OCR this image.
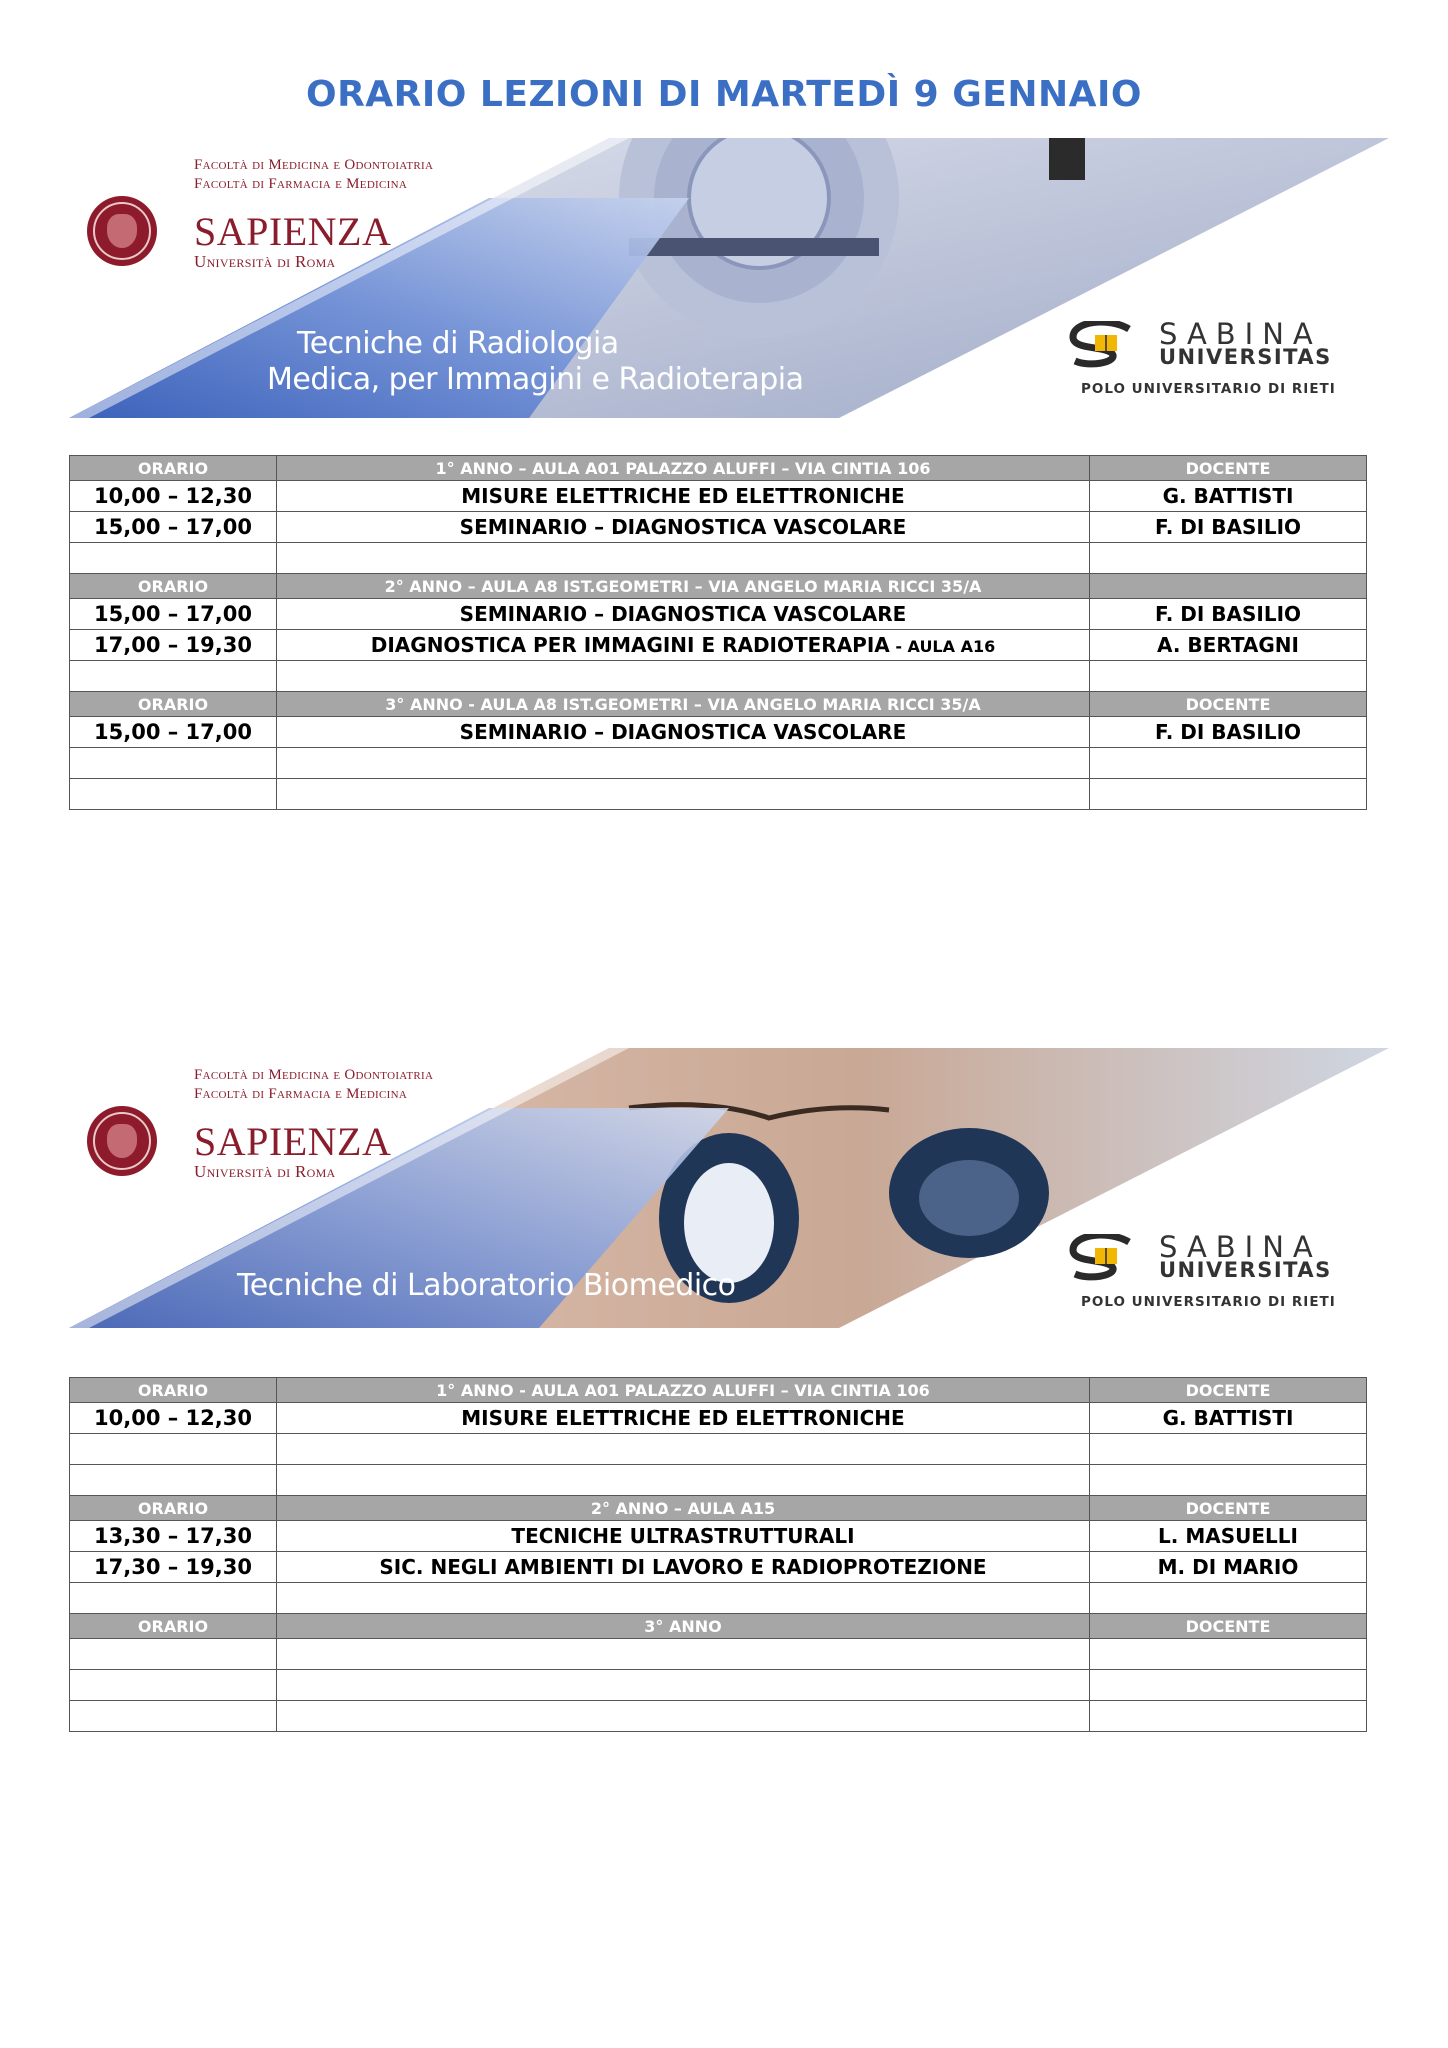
ORARIO LEZIONI DI MARTEDÌ 9 GENNAIO
Facoltà di Medicina e Odontoiatria
Facoltà di Farmacia e Medicina
SAPIENZA
Università di Roma
Tecniche di Radiologia
Medica, per Immagini e Radioterapia
SABINA
UNIVERSITAS
POLO UNIVERSITARIO DI RIETI
ORARIO	1° ANNO – AULA A01 PALAZZO ALUFFI – VIA CINTIA 106	DOCENTE
10,00 – 12,30	MISURE ELETTRICHE ED ELETTRONICHE	G. BATTISTI
15,00 – 17,00	SEMINARIO – DIAGNOSTICA VASCOLARE	F. DI BASILIO

ORARIO	2° ANNO – AULA A8 IST.GEOMETRI – VIA ANGELO MARIA RICCI 35/A	
15,00 – 17,00	SEMINARIO – DIAGNOSTICA VASCOLARE	F. DI BASILIO
17,00 – 19,30	DIAGNOSTICA PER IMMAGINI E RADIOTERAPIA - AULA A16	A. BERTAGNI

ORARIO	3° ANNO - AULA A8 IST.GEOMETRI – VIA ANGELO MARIA RICCI 35/A	DOCENTE
15,00 – 17,00	SEMINARIO – DIAGNOSTICA VASCOLARE	F. DI BASILIO

Facoltà di Medicina e Odontoiatria
Facoltà di Farmacia e Medicina
SAPIENZA
Università di Roma
Tecniche di Laboratorio Biomedico
SABINA
UNIVERSITAS
POLO UNIVERSITARIO DI RIETI
ORARIO	1° ANNO - AULA A01 PALAZZO ALUFFI – VIA CINTIA 106	DOCENTE
10,00 – 12,30	MISURE ELETTRICHE ED ELETTRONICHE	G. BATTISTI

ORARIO	2° ANNO – AULA A15	DOCENTE
13,30 – 17,30	TECNICHE ULTRASTRUTTURALI	L. MASUELLI
17,30 – 19,30	SIC. NEGLI AMBIENTI DI LAVORO E RADIOPROTEZIONE	M. DI MARIO

ORARIO	3° ANNO	DOCENTE
